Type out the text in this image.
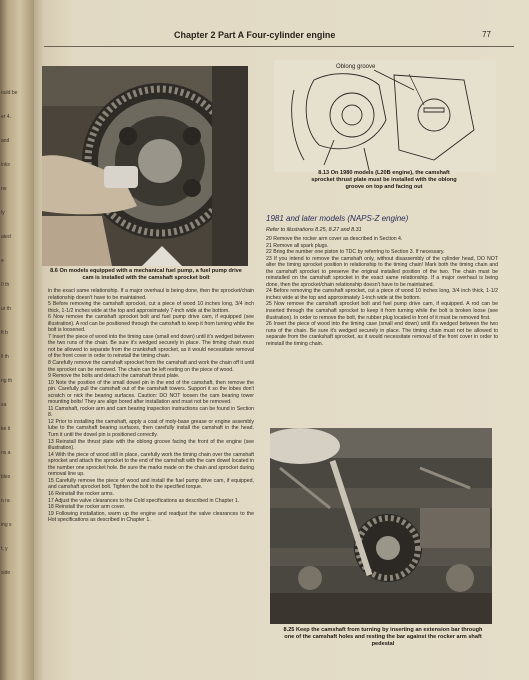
ould be
er 4.
and
inks
ne
ly
ated
e
0 th
ur th
ft b
ll th
ng th
sa
ke ti
ns a
bles
n ra
ing s
t, y
side
Chapter 2 Part A Four-cylinder engine	77
8.6 On models equipped with a mechanical fuel pump, a fuel pump drive cam is installed with the camshaft sprocket bolt
Oblong groove
8.13 On 1980 models (L20B engine), the camshaft sprocket thrust plate must be installed with the oblong groove on top and facing out

in the exact same relationship. If a major overhaul is being done, then the sprocket/chain relationship doesn't have to be maintained.

5 Before removing the camshaft sprocket, cut a piece of wood 10 inches long, 3/4 inch thick, 1-1/2 inches wide at the top and approximately 7-inch wide at the bottom.

6 Now remove the camshaft sprocket bolt and fuel pump drive cam, if equipped (see illustration). A rod can be positioned through the camshaft to keep it from turning while the bolt is loosened.

7 Insert the piece of wood into the timing case (small end down) until it's wedged between the two runs of the chain. Be sure it's wedged securely in place. The timing chain must not be allowed to separate from the crankshaft sprocket, as it would necessitate removal of the front cover in order to reinstall the timing chain.

8 Carefully remove the camshaft sprocket from the camshaft and work the chain off it until the sprocket can be removed. The chain can be left resting on the piece of wood.

9 Remove the bolts and detach the camshaft thrust plate.

10 Note the position of the small dowel pin in the end of the camshaft, then remove the pin. Carefully pull the camshaft out of the camshaft towers. Support it so the lobes don't scratch or nick the bearing surfaces. Caution: DO NOT loosen the cam bearing tower mounting bolts! They are align bored after installation and must not be removed.

11 Camshaft, rocker arm and cam bearing inspection instructions can be found in Section 8.

12 Prior to installing the camshaft, apply a coat of moly-base grease or engine assembly lube to the camshaft bearing surfaces, then carefully install the camshaft in the head. Turn it until the dowel pin is positioned correctly.

13 Reinstall the thrust plate with the oblong groove facing the front of the engine (see illustration).

14 With the piece of wood still in place, carefully work the timing chain over the camshaft sprocket and attach the sprocket to the end of the camshaft with the cam dowel located in the number one sprocket hole. Be sure the marks made on the chain and sprocket during removal line up.

15 Carefully remove the piece of wood and install the fuel pump drive cam, if equipped, and camshaft sprocket bolt. Tighten the bolt to the specified torque.

16 Reinstall the rocker arms.

17 Adjust the valve clearances to the Cold specifications as described in Chapter 1.

18 Reinstall the rocker arm cover.

19 Following installation, warm up the engine and readjust the valve clearances to the Hot specifications as described in Chapter 1.

1981 and later models (NAPS-Z engine)
Refer to illustrations 8.25, 8.27 and 8.31

20 Remove the rocker arm cover as described in Section 4.

21 Remove all spark plugs.

22 Bring the number one piston to TDC by referring to Section 3. If necessary.

23 If you intend to remove the camshaft only, without disassembly of the cylinder head, DO NOT alter the timing sprocket position in relationship to the timing chain! Mark both the timing chain and the camshaft sprocket to preserve the original installed position of the two. The chain must be reinstalled on the camshaft sprocket in the exact same relationship. If a major overhaul is being done, then the sprocket/chain relationship doesn't have to be maintained.

24 Before removing the camshaft sprocket, cut a piece of wood 10 inches long, 3/4 inch thick, 1-1/2 inches wide at the top and approximately 1-inch wide at the bottom.

25 Now remove the camshaft sprocket bolt and fuel pump drive cam, if equipped. A rod can be inserted through the camshaft sprocket to keep it from turning while the bolt is broken loose (see illustration). In order to remove the bolt, the rubber plug located in front of it must be removed first.

26 Insert the piece of wood into the timing case (small end down) until it's wedged between the two runs of the chain. Be sure it's wedged securely in place. The timing chain must not be allowed to separate from the crankshaft sprocket, as it would necessitate removal of the front cover in order to reinstall the timing chain.

8.25 Keep the camshaft from turning by inserting an extension bar through one of the camshaft holes and resting the bar against the rocker arm shaft pedestal
